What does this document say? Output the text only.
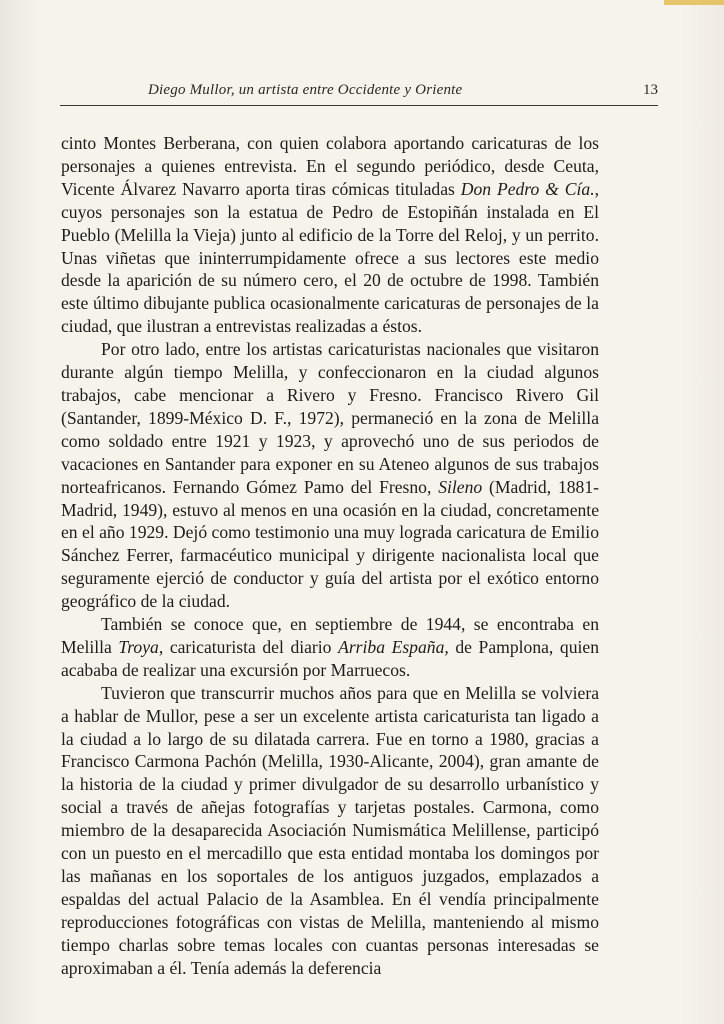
Diego Mullor, un artista entre Occidente y Oriente	13

cinto Montes Berberana, con quien colabora aportando caricaturas de los personajes a quienes entrevista. En el segundo periódico, desde Ceuta, Vicente Álvarez Navarro aporta tiras cómicas tituladas Don Pedro & Cía., cuyos personajes son la estatua de Pedro de Estopiñán instalada en El Pueblo (Melilla la Vieja) junto al edificio de la Torre del Reloj, y un perrito. Unas viñetas que ininterrumpidamente ofrece a sus lectores este medio desde la aparición de su número cero, el 20 de octubre de 1998. También este último dibujante publica ocasionalmente caricaturas de personajes de la ciudad, que ilustran a entrevistas realizadas a éstos.

Por otro lado, entre los artistas caricaturistas nacionales que visitaron durante algún tiempo Melilla, y confeccionaron en la ciudad algunos trabajos, cabe mencionar a Rivero y Fresno. Francisco Rivero Gil (Santander, 1899-México D. F., 1972), permaneció en la zona de Melilla como soldado entre 1921 y 1923, y aprovechó uno de sus periodos de vacaciones en Santander para exponer en su Ateneo algunos de sus trabajos norteafricanos. Fernando Gómez Pamo del Fresno, Sileno (Madrid, 1881-Madrid, 1949), estuvo al menos en una ocasión en la ciudad, concretamente en el año 1929. Dejó como testimonio una muy lograda caricatura de Emilio Sánchez Ferrer, farmacéutico municipal y dirigente nacionalista local que seguramente ejerció de conductor y guía del artista por el exótico entorno geográfico de la ciudad.

También se conoce que, en septiembre de 1944, se encontraba en Melilla Troya, caricaturista del diario Arriba España, de Pamplona, quien acababa de realizar una excursión por Marruecos.

Tuvieron que transcurrir muchos años para que en Melilla se volviera a hablar de Mullor, pese a ser un excelente artista caricaturista tan ligado a la ciudad a lo largo de su dilatada carrera. Fue en torno a 1980, gracias a Francisco Carmona Pachón (Melilla, 1930-Alicante, 2004), gran amante de la historia de la ciudad y primer divulgador de su desarrollo urbanístico y social a través de añejas fotografías y tarjetas postales. Carmona, como miembro de la desaparecida Asociación Numismática Melillense, participó con un puesto en el mercadillo que esta entidad montaba los domingos por las mañanas en los soportales de los antiguos juzgados, emplazados a espaldas del actual Palacio de la Asamblea. En él vendía principalmente reproducciones fotográficas con vistas de Melilla, manteniendo al mismo tiempo charlas sobre temas locales con cuantas personas interesadas se aproximaban a él. Tenía además la deferencia
